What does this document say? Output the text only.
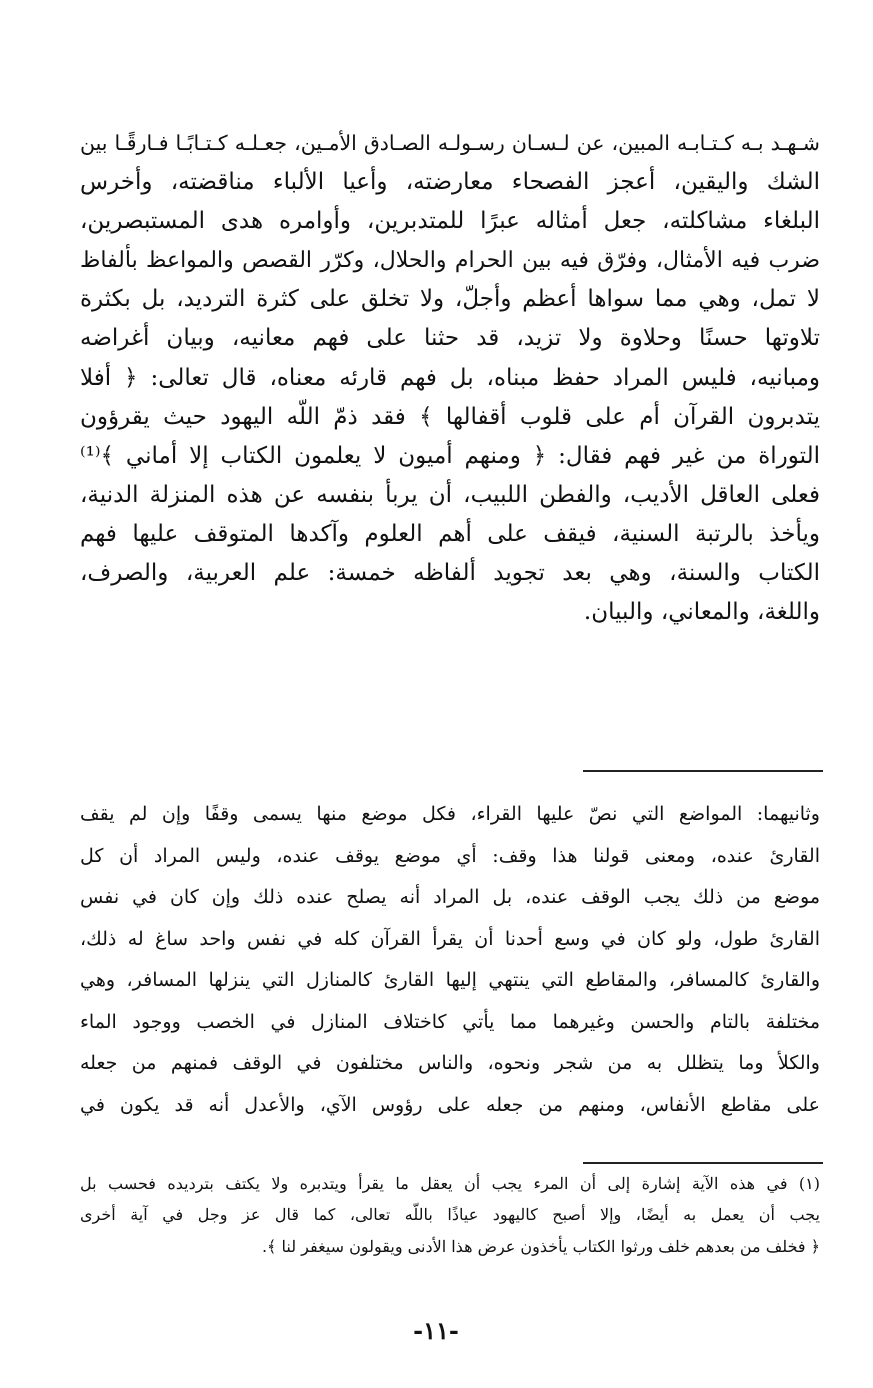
شـهـد بـه كـتـابـه المبين، عن لـسـان رسـولـه الصـادق الأمـين، جعـلـه كـتـابًـا فـارقًـا بين
الشك واليقين، أعجز الفصحاء معارضته، وأعيا الألباء مناقضته، وأخرس
البلغاء مشاكلته، جعل أمثاله عبرًا للمتدبرين، وأوامره هدى المستبصرين،
ضرب فيه الأمثال، وفرّق فيه بين الحرام والحلال، وكرّر القصص والمواعظ بألفاظ
لا تمل، وهي مما سواها أعظم وأجلّ، ولا تخلق على كثرة الترديد، بل بكثرة
تلاوتها حسنًا وحلاوة ولا تزيد، قد حثنا على فهم معانيه، وبيان أغراضه
ومبانيه، فليس المراد حفظ مبناه، بل فهم قارئه معناه، قال تعالى: ﴿ أفلا
يتدبرون القرآن أم على قلوب أقفالها ﴾ فقد ذمّ اللّه اليهود حيث يقرؤون
التوراة من غير فهم فقال: ﴿ ومنهم أميون لا يعلمون الكتاب إلا أماني ﴾⁽¹⁾
فعلى العاقل الأديب، والفطن اللبيب، أن يربأ بنفسه عن هذه المنزلة الدنية،
ويأخذ بالرتبة السنية، فيقف على أهم العلوم وآكدها المتوقف عليها فهم
الكتاب والسنة، وهي بعد تجويد ألفاظه خمسة: علم العربية، والصرف،
واللغة، والمعاني، والبيان.
وثانيهما: المواضع التي نصّ عليها القراء، فكل موضع منها يسمى وقفًا وإن لم يقف
القارئ عنده، ومعنى قولنا هذا وقف: أي موضع يوقف عنده، وليس المراد أن كل
موضع من ذلك يجب الوقف عنده، بل المراد أنه يصلح عنده ذلك وإن كان في نفس
القارئ طول، ولو كان في وسع أحدنا أن يقرأ القرآن كله في نفس واحد ساغ له ذلك،
والقارئ كالمسافر، والمقاطع التي ينتهي إليها القارئ كالمنازل التي ينزلها المسافر، وهي
مختلفة بالتام والحسن وغيرهما مما يأتي كاختلاف المنازل في الخصب ووجود الماء
والكلأ وما يتظلل به من شجر ونحوه، والناس مختلفون في الوقف فمنهم من جعله
على مقاطع الأنفاس، ومنهم من جعله على رؤوس الآي، والأعدل أنه قد يكون في
(١) في هذه الآية إشارة إلى أن المرء يجب أن يعقل ما يقرأ ويتدبره ولا يكتف بترديده فحسب بل
يجب أن يعمل به أيضًا، وإلا أصبح كاليهود عياذًا باللّه تعالى، كما قال عز وجل في آية أخرى
﴿ فخلف من بعدهم خلف ورثوا الكتاب يأخذون عرض هذا الأدنى ويقولون سيغفر لنا ﴾.
-١١-
